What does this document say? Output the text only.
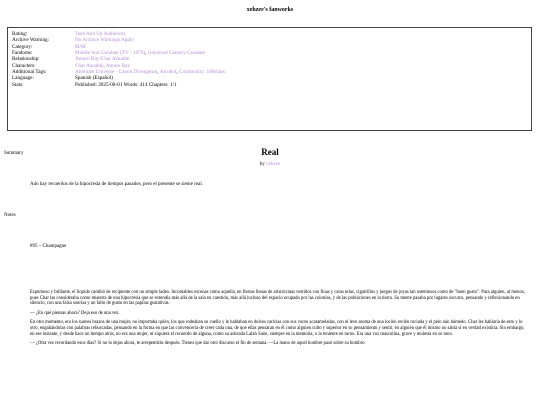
xehzee's fanworks
Rating:	Teen And Up Audiences
Archive Warning:	No Archive Warnings Apply
Category:	M/M
Fandoms:	Mobile Suit Gundam (TV - 1979), Universal Century Gundam
Relationship:	Amuro Ray/Char Aznable
Characters:	Char Aznable, Amuro Ray
Additional Tags:	Alternate Universe - Canon Divergence, Alcohol, Community: 100ships
Language:	Spanish (Español)
Stats:	Published: 2025-08-01 Words: 414 Chapters: 1/1
Real
by xehzee
Summary
Aún hay recuerdos de la hipocresía de tiempos pasados, pero el presente se siente real.
Notes
#95 – Champagne

Espumoso y brillante, el líquido cambió de recipiente con un simple ladeo. Incontables escenas como aquella, en fiestas llenas de aristócratas vestidos con finas y caras telas, cigarrillos y juegos de joyas tan ostentosos como de "buen gusto". Para alguien, al menos, pues Char las consideraba como muestra de una hipocresía que se extendía más allá de la sala en cuestión, más allá incluso del espacio ocupado por las colonias, y de las poblaciones en la tierra. Su mente pasaba por lugares oscuros, pensando y reflexionando en silencio, con una falsa sonrisa y un falto de gusto en las papilas gustativas.

— ¿En qué piensas ahora? Deja eso de una vez.

En otro momento, era los suaves brazos de una mujer, no importaba quién, los que rodeaban su cuello y le hablaban en dulces caricias con sus voces acarameladas, con el leve aroma de una loción recién rociada y el pelo aún húmedo. Char les hablaría de esto y lo otro, engañándolas con palabras rebuscadas, pensando en la forma en que las convencería de creer cada una, de que ellas pensaran en él como alguien culto y superior en su pensamiento y sentir, en alguien que él mismo no sabía si en verdad existiría. Sin embargo, en ese instante, y desde hace un tiempo atrás, no era una mujer, ni siquiera el recuerdo de alguna, como su adorada Lalah Sune, siempre en la memoria, o la teniente en turno. Era una voz masculina, grave y molesta en su tono.

— ¿Otra vez recordando esos días? Si no lo dejas ahora, te arrepentirás después. Tienes que dar otro discurso el fin de semana. —La mano de aquel hombre pasó sobre su hombro
